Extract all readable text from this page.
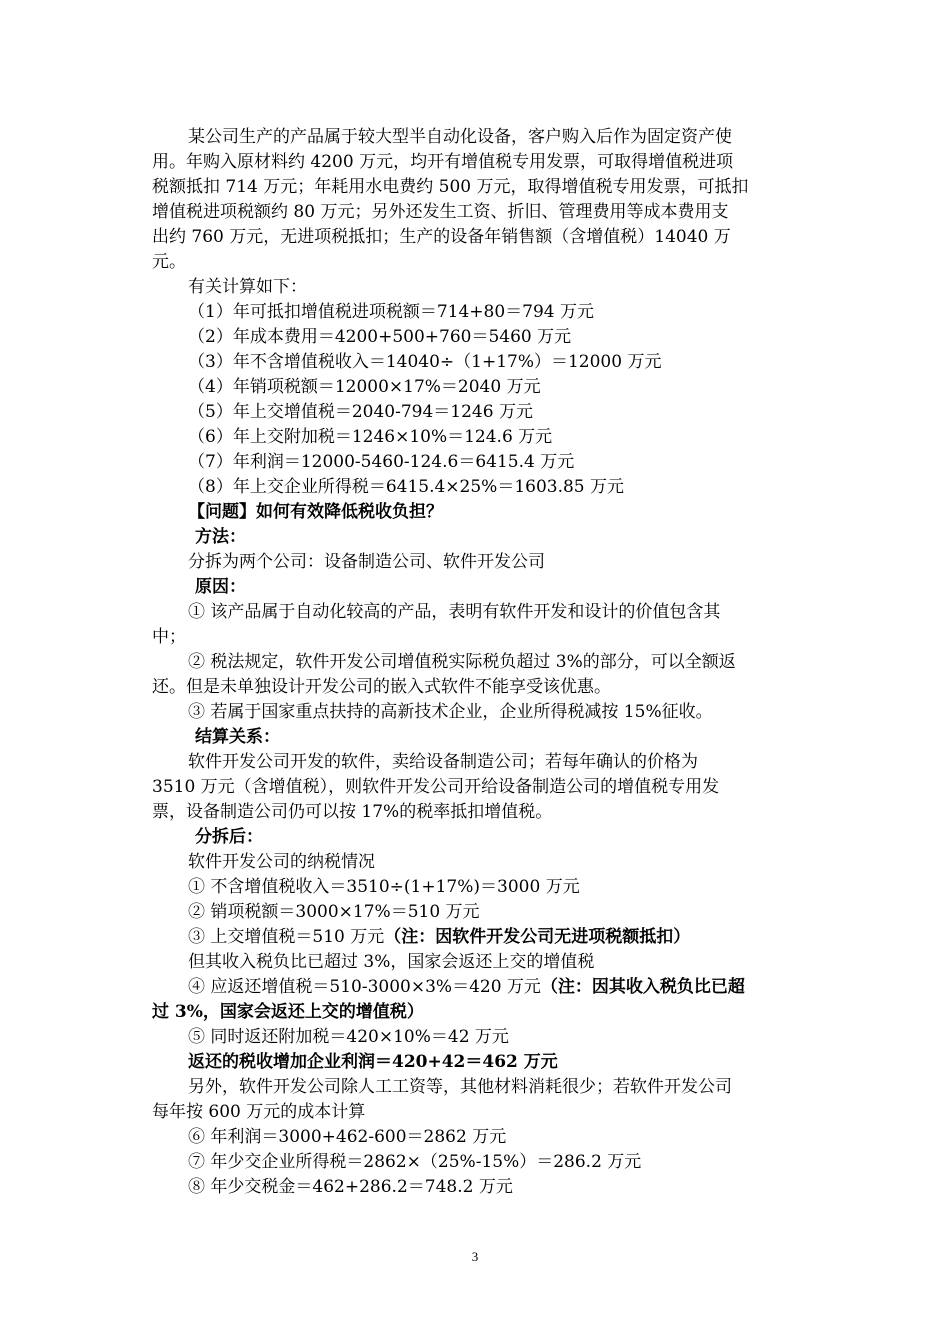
某公司生产的产品属于较大型半自动化设备，客户购入后作为固定资产使
用。年购入原材料约 4200 万元，均开有增值税专用发票，可取得增值税进项
税额抵扣 714 万元；年耗用水电费约 500 万元，取得增值税专用发票，可抵扣
增值税进项税额约 80 万元；另外还发生工资、折旧、管理费用等成本费用支
出约 760 万元，无进项税抵扣；生产的设备年销售额（含增值税）14040 万
元。
有关计算如下：
（1）年可抵扣增值税进项税额＝714+80＝794 万元
（2）年成本费用＝4200+500+760＝5460 万元
（3）年不含增值税收入＝14040÷（1+17%）＝12000 万元
（4）年销项税额＝12000×17%＝2040 万元
（5）年上交增值税＝2040-794＝1246 万元
（6）年上交附加税＝1246×10%＝124.6 万元
（7）年利润＝12000-5460-124.6＝6415.4 万元
（8）年上交企业所得税＝6415.4×25%＝1603.85 万元
【问题】如何有效降低税收负担？
方法：
分拆为两个公司：设备制造公司、软件开发公司
原因：
① 该产品属于自动化较高的产品，表明有软件开发和设计的价值包含其
中；
② 税法规定，软件开发公司增值税实际税负超过 3%的部分，可以全额返
还。但是未单独设计开发公司的嵌入式软件不能享受该优惠。
③ 若属于国家重点扶持的高新技术企业，企业所得税减按 15%征收。
结算关系：
软件开发公司开发的软件，卖给设备制造公司；若每年确认的价格为
3510 万元（含增值税），则软件开发公司开给设备制造公司的增值税专用发
票，设备制造公司仍可以按 17%的税率抵扣增值税。
分拆后：
软件开发公司的纳税情况
① 不含增值税收入＝3510÷(1+17%)＝3000 万元
② 销项税额＝3000×17%＝510 万元
③ 上交增值税＝510 万元（注：因软件开发公司无进项税额抵扣）
但其收入税负比已超过 3%，国家会返还上交的增值税
④ 应返还增值税＝510-3000×3%＝420 万元（注：因其收入税负比已超
过 3%，国家会返还上交的增值税）
⑤ 同时返还附加税＝420×10%＝42 万元
返还的税收增加企业利润＝420+42＝462 万元
另外，软件开发公司除人工工资等，其他材料消耗很少；若软件开发公司
每年按 600 万元的成本计算
⑥ 年利润＝3000+462-600＝2862 万元
⑦ 年少交企业所得税＝2862×（25%-15%）＝286.2 万元
⑧ 年少交税金＝462+286.2＝748.2 万元
3
